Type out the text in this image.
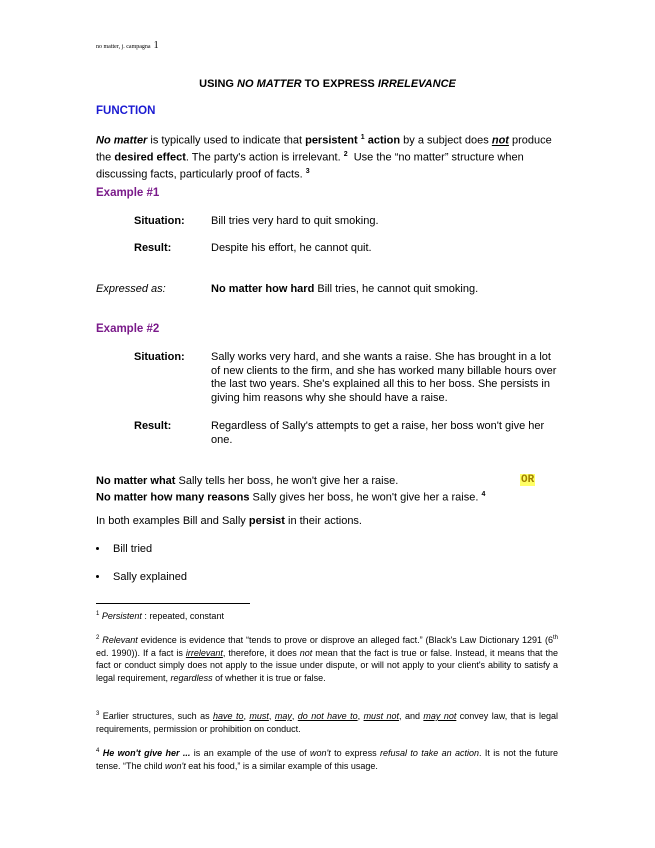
no matter, j. campagna 1
USING NO MATTER TO EXPRESS IRRELEVANCE
FUNCTION
No matter is typically used to indicate that persistent $^1$ action by a subject does not produce the desired effect. The party's action is irrelevant. $^2$ Use the “no matter” structure when discussing facts, particularly proof of facts. $^3$
Example #1
Situation: Bill tries very hard to quit smoking.
Result:	Despite his effort, he cannot quit.
Expressed as:	No matter how hard Bill tries, he cannot quit smoking.
Example #2
Situation: Sally works very hard, and she wants a raise. She has brought in a lot of new clients to the firm, and she has worked many billable hours over the last two years. She's explained all this to her boss. She persists in giving him reasons why she should have a raise.
Result:	Regardless of Sally's attempts to get a raise, her boss won't give her one.
No matter what Sally tells her boss, he won't give her a raise.	OR
No matter how many reasons Sally gives her boss, he won't give her a raise. $^4$
In both examples Bill and Sally persist in their actions.
Bill tried
Sally explained
$^1$ Persistent : repeated, constant
$^2$ Relevant evidence is evidence that “tends to prove or disprove an alleged fact.” (Black's Law Dictionary 1291 (6th ed. 1990)). If a fact is irrelevant, therefore, it does not mean that the fact is true or false. Instead, it means that the fact or conduct simply does not apply to the issue under dispute, or will not apply to your client's ability to satisfy a legal requirement, regardless of whether it is true or false.
$^3$ Earlier structures, such as have to, must, may, do not have to, must not, and may not convey law, that is legal requirements, permission or prohibition on conduct.
$^4$ He won't give her ... is an example of the use of won't to express refusal to take an action. It is not the future tense. “The child won't eat his food,” is a similar example of this usage.
